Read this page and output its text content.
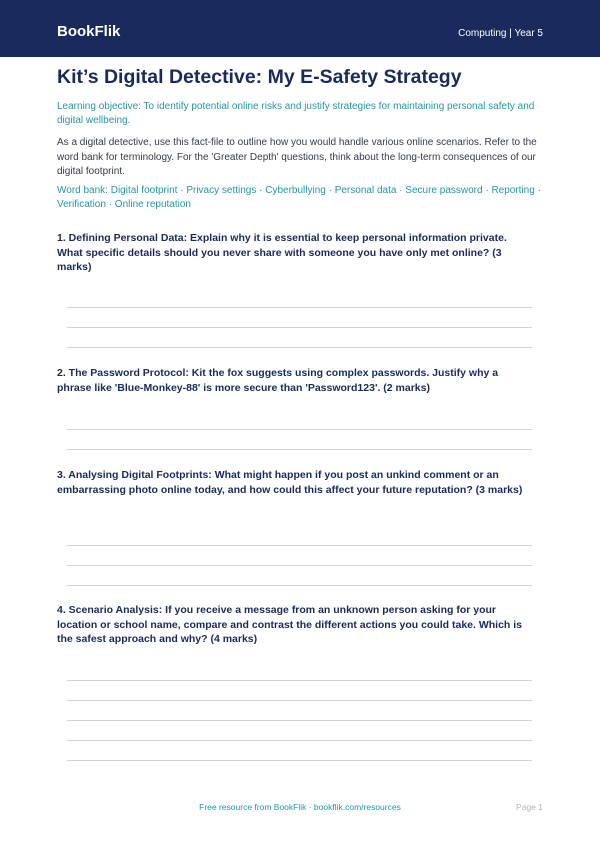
BookFlik	Computing | Year 5
Kit’s Digital Detective: My E-Safety Strategy
Learning objective: To identify potential online risks and justify strategies for maintaining personal safety and digital wellbeing.
As a digital detective, use this fact-file to outline how you would handle various online scenarios. Refer to the word bank for terminology. For the 'Greater Depth' questions, think about the long-term consequences of our digital footprint.
Word bank: Digital footprint · Privacy settings · Cyberbullying · Personal data · Secure password · Reporting · Verification · Online reputation
1. Defining Personal Data: Explain why it is essential to keep personal information private. What specific details should you never share with someone you have only met online? (3 marks)
2. The Password Protocol: Kit the fox suggests using complex passwords. Justify why a phrase like 'Blue-Monkey-88' is more secure than 'Password123'. (2 marks)
3. Analysing Digital Footprints: What might happen if you post an unkind comment or an embarrassing photo online today, and how could this affect your future reputation? (3 marks)
4. Scenario Analysis: If you receive a message from an unknown person asking for your location or school name, compare and contrast the different actions you could take. Which is the safest approach and why? (4 marks)
Free resource from BookFlik · bookflik.com/resources	Page 1
